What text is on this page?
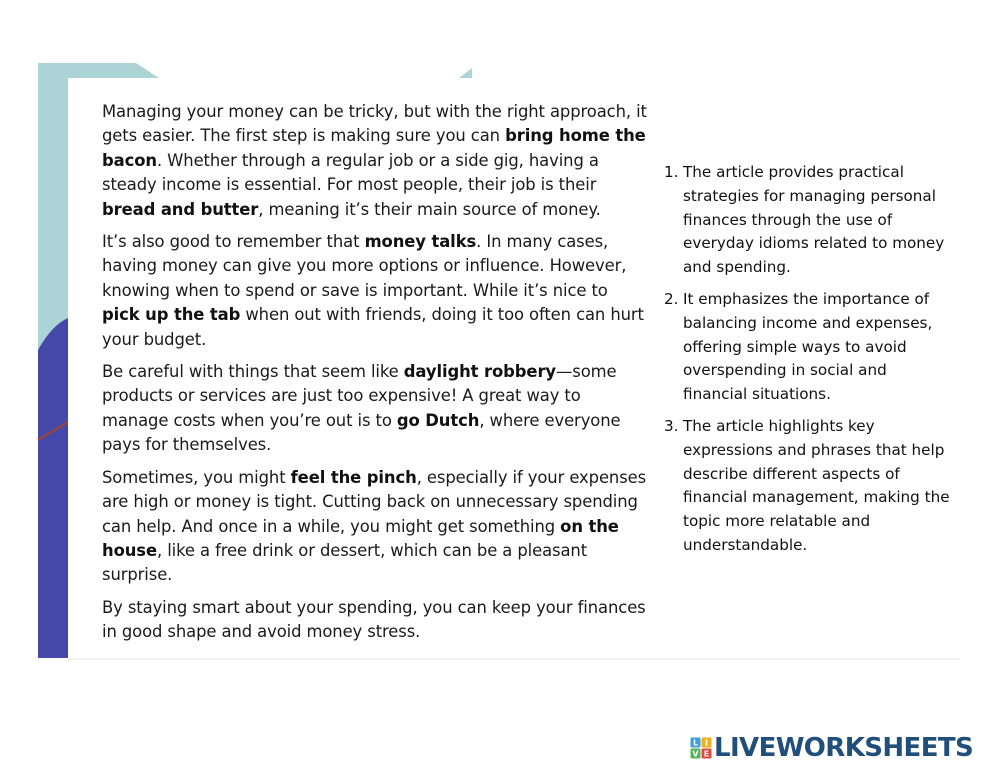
Managing your money can be tricky, but with the right approach, it gets easier. The first step is making sure you can bring home the bacon. Whether through a regular job or a side gig, having a steady income is essential. For most people, their job is their bread and butter, meaning it’s their main source of money.

It’s also good to remember that money talks. In many cases, having money can give you more options or influence. However, knowing when to spend or save is important. While it’s nice to pick up the tab when out with friends, doing it too often can hurt your budget.

Be careful with things that seem like daylight robbery—some products or services are just too expensive! A great way to manage costs when you’re out is to go Dutch, where everyone pays for themselves.

Sometimes, you might feel the pinch, especially if your expenses are high or money is tight. Cutting back on unnecessary spending can help. And once in a while, you might get something on the house, like a free drink or dessert, which can be a pleasant surprise.

By staying smart about your spending, you can keep your finances in good shape and avoid money stress.

1. The article provides practical strategies for managing personal finances through the use of everyday idioms related to money and spending.
2. It emphasizes the importance of balancing income and expenses, offering simple ways to avoid overspending in social and financial situations.
3. The article highlights key expressions and phrases that help describe different aspects of financial management, making the topic more relatable and understandable.
L I
V E LIVEWORKSHEETS
